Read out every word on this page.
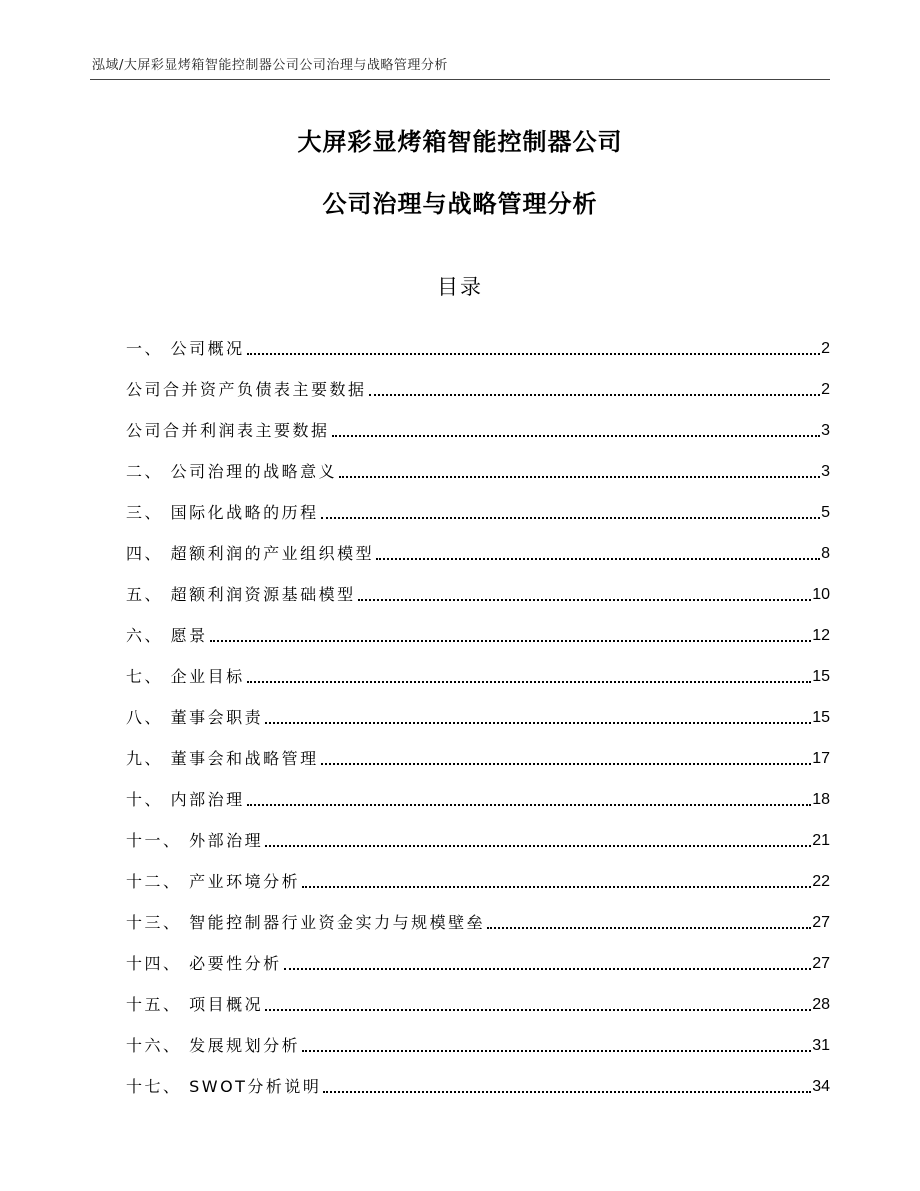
泓域/大屏彩显烤箱智能控制器公司公司治理与战略管理分析
大屏彩显烤箱智能控制器公司
公司治理与战略管理分析
目录
一、 公司概况	2
公司合并资产负债表主要数据	2
公司合并利润表主要数据	3
二、 公司治理的战略意义	3
三、 国际化战略的历程	5
四、 超额利润的产业组织模型	8
五、 超额利润资源基础模型	10
六、 愿景	12
七、 企业目标	15
八、 董事会职责	15
九、 董事会和战略管理	17
十、 内部治理	18
十一、 外部治理	21
十二、 产业环境分析	22
十三、 智能控制器行业资金实力与规模壁垒	27
十四、 必要性分析	27
十五、 项目概况	28
十六、 发展规划分析	31
十七、 SWOT分析说明	34
